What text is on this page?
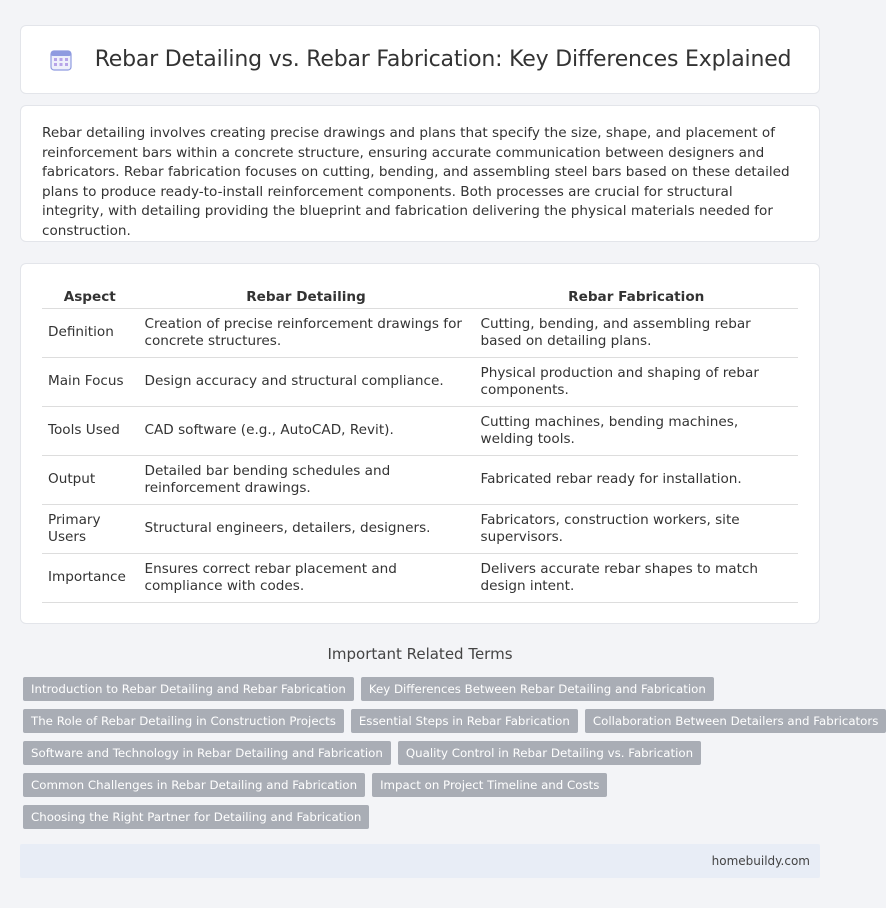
Rebar Detailing vs. Rebar Fabrication: Key Differences Explained

Rebar detailing involves creating precise drawings and plans that specify the size, shape, and placement of reinforcement bars within a concrete structure, ensuring accurate communication between designers and fabricators. Rebar fabrication focuses on cutting, bending, and assembling steel bars based on these detailed plans to produce ready-to-install reinforcement components. Both processes are crucial for structural integrity, with detailing providing the blueprint and fabrication delivering the physical materials needed for construction.

Aspect	Rebar Detailing	Rebar Fabrication
Definition	Creation of precise reinforcement drawings for concrete structures.	Cutting, bending, and assembling rebar based on detailing plans.
Main Focus	Design accuracy and structural compliance.	Physical production and shaping of rebar components.
Tools Used	CAD software (e.g., AutoCAD, Revit).	Cutting machines, bending machines, welding tools.
Output	Detailed bar bending schedules and reinforcement drawings.	Fabricated rebar ready for installation.
Primary Users	Structural engineers, detailers, designers.	Fabricators, construction workers, site supervisors.
Importance	Ensures correct rebar placement and compliance with codes.	Delivers accurate rebar shapes to match design intent.
Important Related Terms
Introduction to Rebar Detailing and Rebar Fabrication	Key Differences Between Rebar Detailing and Fabrication
The Role of Rebar Detailing in Construction Projects	Essential Steps in Rebar Fabrication	Collaboration Between Detailers and Fabricators
Software and Technology in Rebar Detailing and Fabrication	Quality Control in Rebar Detailing vs. Fabrication
Common Challenges in Rebar Detailing and Fabrication	Impact on Project Timeline and Costs
Choosing the Right Partner for Detailing and Fabrication
homebuildy.com
